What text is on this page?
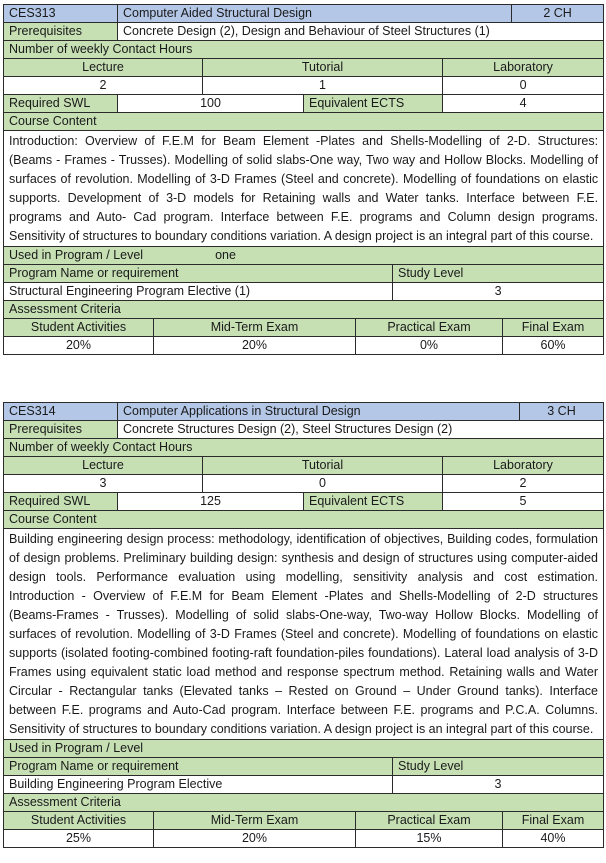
CES313	Computer Aided Structural Design								2 CH
Prerequisites	Concrete Design (2), Design and Behaviour of Steel Structures (1)								
Number of weekly Contact Hours									
Lecture			Tutorial				Laboratory		
2			1				0		
Required SWL	100			Equivalent ECTS			4		
Course Content									
Introduction: Overview of F.E.M for Beam Element -Plates and Shells-Modelling of 2-D. Structures: (Beams - Frames - Trusses). Modelling of solid slabs-One way, Two way and Hollow Blocks. Modelling of surfaces of revolution. Modelling of 3-D Frames (Steel and concrete). Modelling of foundations on elastic supports. Development of 3-D models for Retaining walls and Water tanks. Interface between F.E. programs and Auto- Cad program. Interface between F.E. programs and Column design programs. Sensitivity of structures to boundary conditions variation. A design project is an integral part of this course.									
Used in Program / Level one									
Program Name or requirement						Study Level			
Structural Engineering Program Elective (1)						3			
Assessment Criteria									
Student Activities		Mid-Term Exam			Practical Exam			Final Exam	
20%		20%			0%			60%	
CES314	Computer Applications in Structural Design								3 CH
Prerequisites	Concrete Structures Design (2), Steel Structures Design (2)								
Number of weekly Contact Hours									
Lecture			Tutorial				Laboratory		
3			0				2		
Required SWL	125			Equivalent ECTS			5		
Course Content									
Building engineering design process: methodology, identification of objectives, Building codes, formulation of design problems. Preliminary building design: synthesis and design of structures using computer-aided design tools. Performance evaluation using modelling, sensitivity analysis and cost estimation. Introduction - Overview of F.E.M for Beam Element -Plates and Shells-Modelling of 2-D structures (Beams-Frames - Trusses). Modelling of solid slabs-One-way, Two-way Hollow Blocks. Modelling of surfaces of revolution. Modelling of 3-D Frames (Steel and concrete). Modelling of foundations on elastic supports (isolated footing-combined footing-raft foundation-piles foundations). Lateral load analysis of 3-D Frames using equivalent static load method and response spectrum method. Retaining walls and Water Circular - Rectangular tanks (Elevated tanks – Rested on Ground – Under Ground tanks). Interface between F.E. programs and Auto-Cad program. Interface between F.E. programs and P.C.A. Columns. Sensitivity of structures to boundary conditions variation. A design project is an integral part of this course.									
Used in Program / Level									
Program Name or requirement						Study Level			
Building Engineering Program Elective						3			
Assessment Criteria									
Student Activities		Mid-Term Exam			Practical Exam			Final Exam	
25%		20%			15%			40%	
